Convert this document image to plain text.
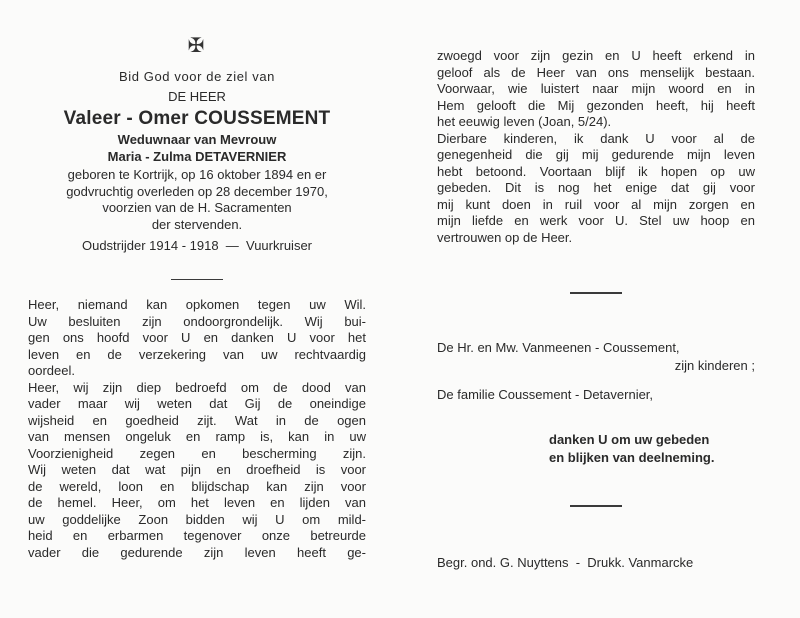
✠
Bid God voor de ziel van
DE HEER
Valeer - Omer COUSSEMENT
Weduwnaar van Mevrouw
Maria - Zulma DETAVERNIER
geboren te Kortrijk, op 16 oktober 1894 en er
godvruchtig overleden op 28 december 1970,
voorzien van de H. Sacramenten
der stervenden.
Oudstrijder 1914 - 1918  —  Vuurkruiser
Heer, niemand kan opkomen tegen uw Wil.
Uw besluiten zijn ondoorgrondelijk. Wij bui-
gen ons hoofd voor U en danken U voor het
leven en de verzekering van uw rechtvaardig
oordeel.
Heer, wij zijn diep bedroefd om de dood van
vader maar wij weten dat Gij de oneindige
wijsheid en goedheid zijt. Wat in de ogen
van mensen ongeluk en ramp is, kan in uw
Voorzienigheid zegen en bescherming zijn.
Wij weten dat wat pijn en droefheid is voor
de wereld, loon en blijdschap kan zijn voor
de hemel. Heer, om het leven en lijden van
uw goddelijke Zoon bidden wij U om mild-
heid en erbarmen tegenover onze betreurde
vader die gedurende zijn leven heeft ge-
zwoegd voor zijn gezin en U heeft erkend in
geloof als de Heer van ons menselijk bestaan.
Voorwaar, wie luistert naar mijn woord en in
Hem gelooft die Mij gezonden heeft, hij heeft
het eeuwig leven (Joan, 5/24).
Dierbare kinderen, ik dank U voor al de
genegenheid die gij mij gedurende mijn leven
hebt betoond. Voortaan blijf ik hopen op uw
gebeden. Dit is nog het enige dat gij voor
mij kunt doen in ruil voor al mijn zorgen en
mijn liefde en werk voor U. Stel uw hoop en
vertrouwen op de Heer.
De Hr. en Mw. Vanmeenen - Coussement,
zijn kinderen ;
De familie Coussement - Detavernier,
danken U om uw gebeden
en blijken van deelneming.
Begr. ond. G. Nuyttens  -  Drukk. Vanmarcke
